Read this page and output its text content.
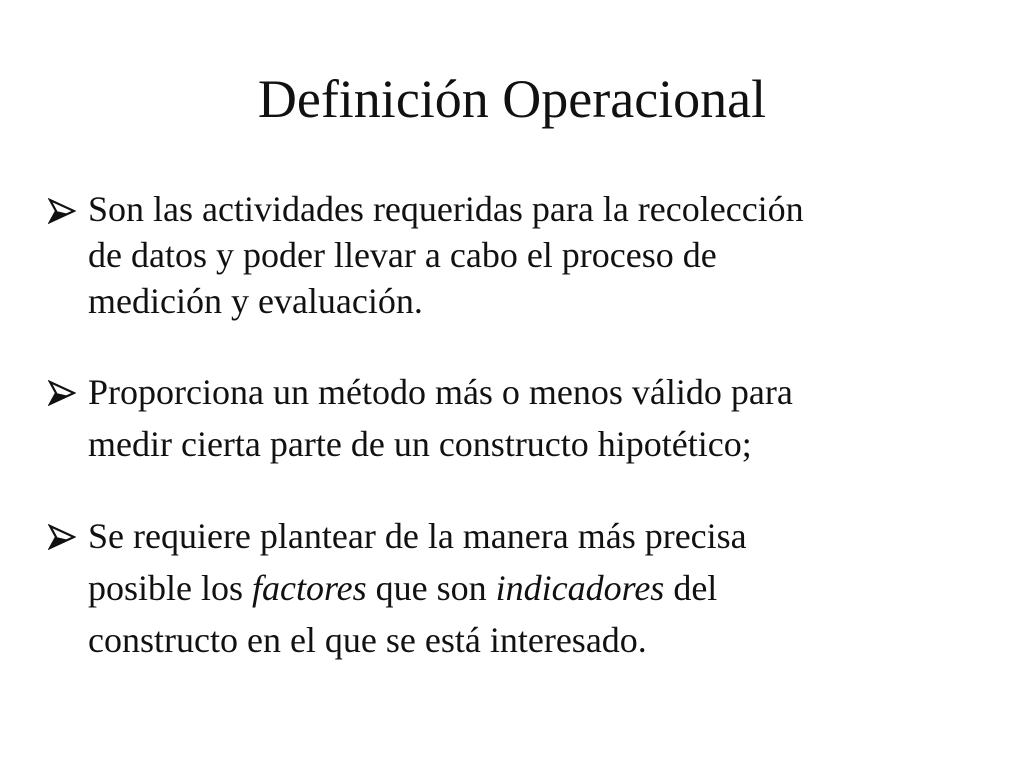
Definición Operacional
Son las actividades requeridas para la recolección
de datos y poder llevar a cabo el proceso de
medición y evaluación.
Proporciona un método más o menos válido para
medir cierta parte de un constructo hipotético;
Se requiere plantear de la manera más precisa
posible los factores que son indicadores del
constructo en el que se está interesado.
